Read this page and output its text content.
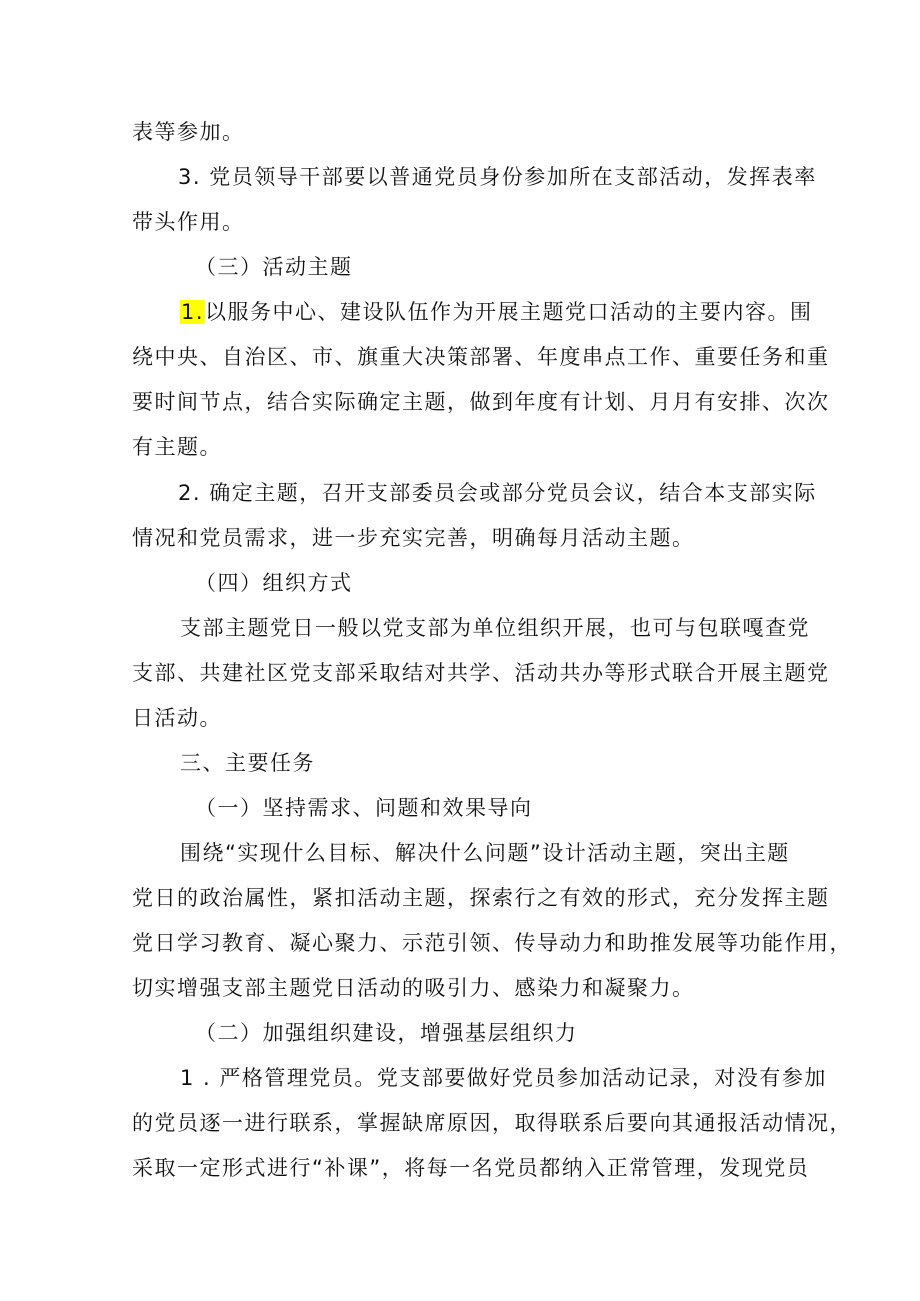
表等参加。
3. 党员领导干部要以普通党员身份参加所在支部活动，发挥表率
带头作用。
（三）活动主题
1.以服务中心、建设队伍作为开展主题党口活动的主要内容。围
绕中央、自治区、市、旗重大决策部署、年度串点工作、重要任务和重
要时间节点，结合实际确定主题，做到年度有计划、月月有安排、次次
有主题。
2. 确定主题，召开支部委员会或部分党员会议，结合本支部实际
情况和党员需求，进一步充实完善，明确每月活动主题。
（四）组织方式
支部主题党日一般以党支部为单位组织开展，也可与包联嘎查党
支部、共建社区党支部采取结对共学、活动共办等形式联合开展主题党
日活动。
三、主要任务
（一）坚持需求、问题和效果导向
围绕“实现什么目标、解决什么问题”设计活动主题，突出主题
党日的政治属性，紧扣活动主题，探索行之有效的形式，充分发挥主题
党日学习教育、凝心聚力、示范引领、传导动力和助推发展等功能作用，
切实增强支部主题党日活动的吸引力、感染力和凝聚力。
（二）加强组织建设，增强基层组织力
1 . 严格管理党员。党支部要做好党员参加活动记录，对没有参加
的党员逐一进行联系，掌握缺席原因，取得联系后要向其通报活动情况，
采取一定形式进行“补课”，将每一名党员都纳入正常管理，发现党员
